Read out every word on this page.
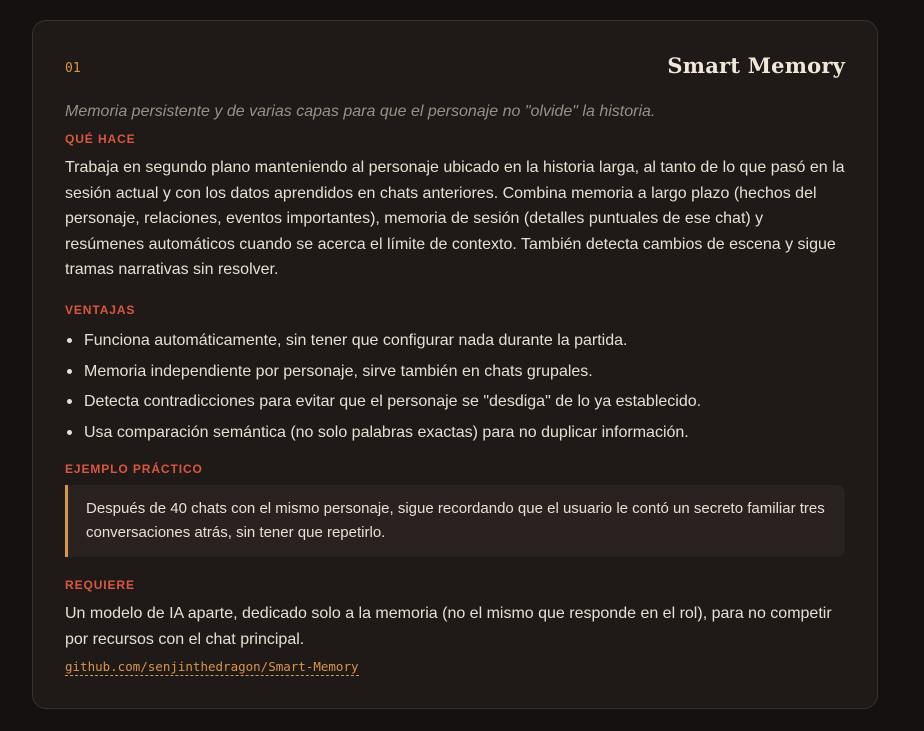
01	Smart Memory
Memoria persistente y de varias capas para que el personaje no "olvide" la historia.
QUÉ HACE
Trabaja en segundo plano manteniendo al personaje ubicado en la historia larga, al tanto de lo que pasó en la sesión actual y con los datos aprendidos en chats anteriores. Combina memoria a largo plazo (hechos del personaje, relaciones, eventos importantes), memoria de sesión (detalles puntuales de ese chat) y resúmenes automáticos cuando se acerca el límite de contexto. También detecta cambios de escena y sigue tramas narrativas sin resolver.
VENTAJAS
Funciona automáticamente, sin tener que configurar nada durante la partida.
Memoria independiente por personaje, sirve también en chats grupales.
Detecta contradicciones para evitar que el personaje se "desdiga" de lo ya establecido.
Usa comparación semántica (no solo palabras exactas) para no duplicar información.
EJEMPLO PRÁCTICO
Después de 40 chats con el mismo personaje, sigue recordando que el usuario le contó un secreto familiar tres conversaciones atrás, sin tener que repetirlo.
REQUIERE
Un modelo de IA aparte, dedicado solo a la memoria (no el mismo que responde en el rol), para no competir por recursos con el chat principal.
github.com/senjinthedragon/Smart-Memory
